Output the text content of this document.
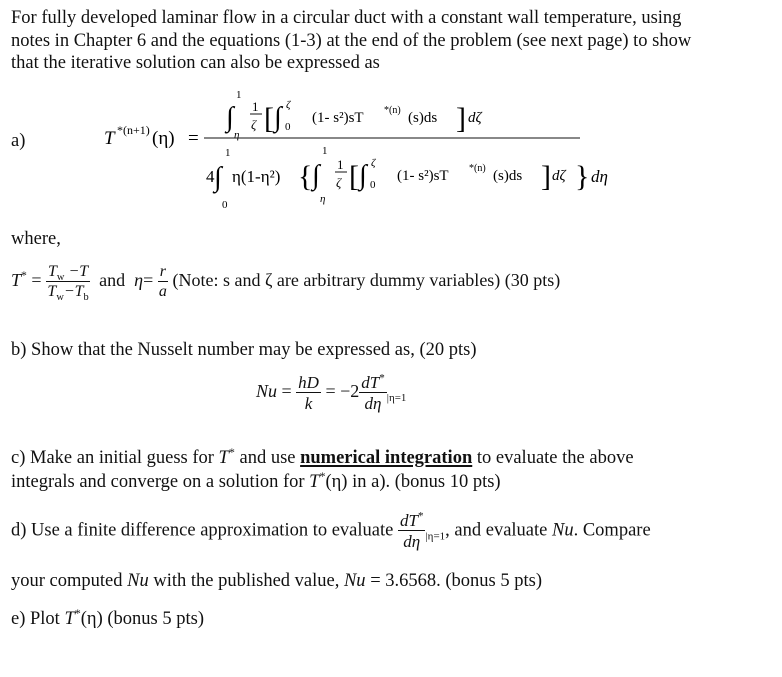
For fully developed laminar flow in a circular duct with a constant wall temperature, using
notes in Chapter 6 and the equations (1-3) at the end of the problem (see next page) to show
that the iterative solution can also be expressed as
a)	T *(n+1) (η) =
1
∫
η
1
ζ [ ∫ ζ
0
(1- s²)sT *(n) (s)ds ] dζ
4
1
∫
0
η(1-η²) {
1
∫
η
1
ζ [ ∫ ζ
0
(1- s²)sT *(n) (s)ds ] dζ } dη
where,
$T^* = \frac{T_w -T}{T_w-T_b}$ and $\eta= \frac{r}{a}$ (Note: s and ζ are arbitrary dummy variables) (30 pts)
b) Show that the Nusselt number may be expressed as, (20 pts)
$Nu = \frac{hD}{k} = -2 \frac{dT^*}{d\eta} _{|\eta=1}$
c) Make an initial guess for T* and use numerical integration to evaluate the above
integrals and converge on a solution for T*(η) in a). (bonus 10 pts)
d) Use a finite difference approximation to evaluate $\frac{dT^*}{d\eta} _{|\eta=1}$, and evaluate Nu. Compare
your computed Nu with the published value, Nu = 3.6568. (bonus 5 pts)
e) Plot T*(η) (bonus 5 pts)
